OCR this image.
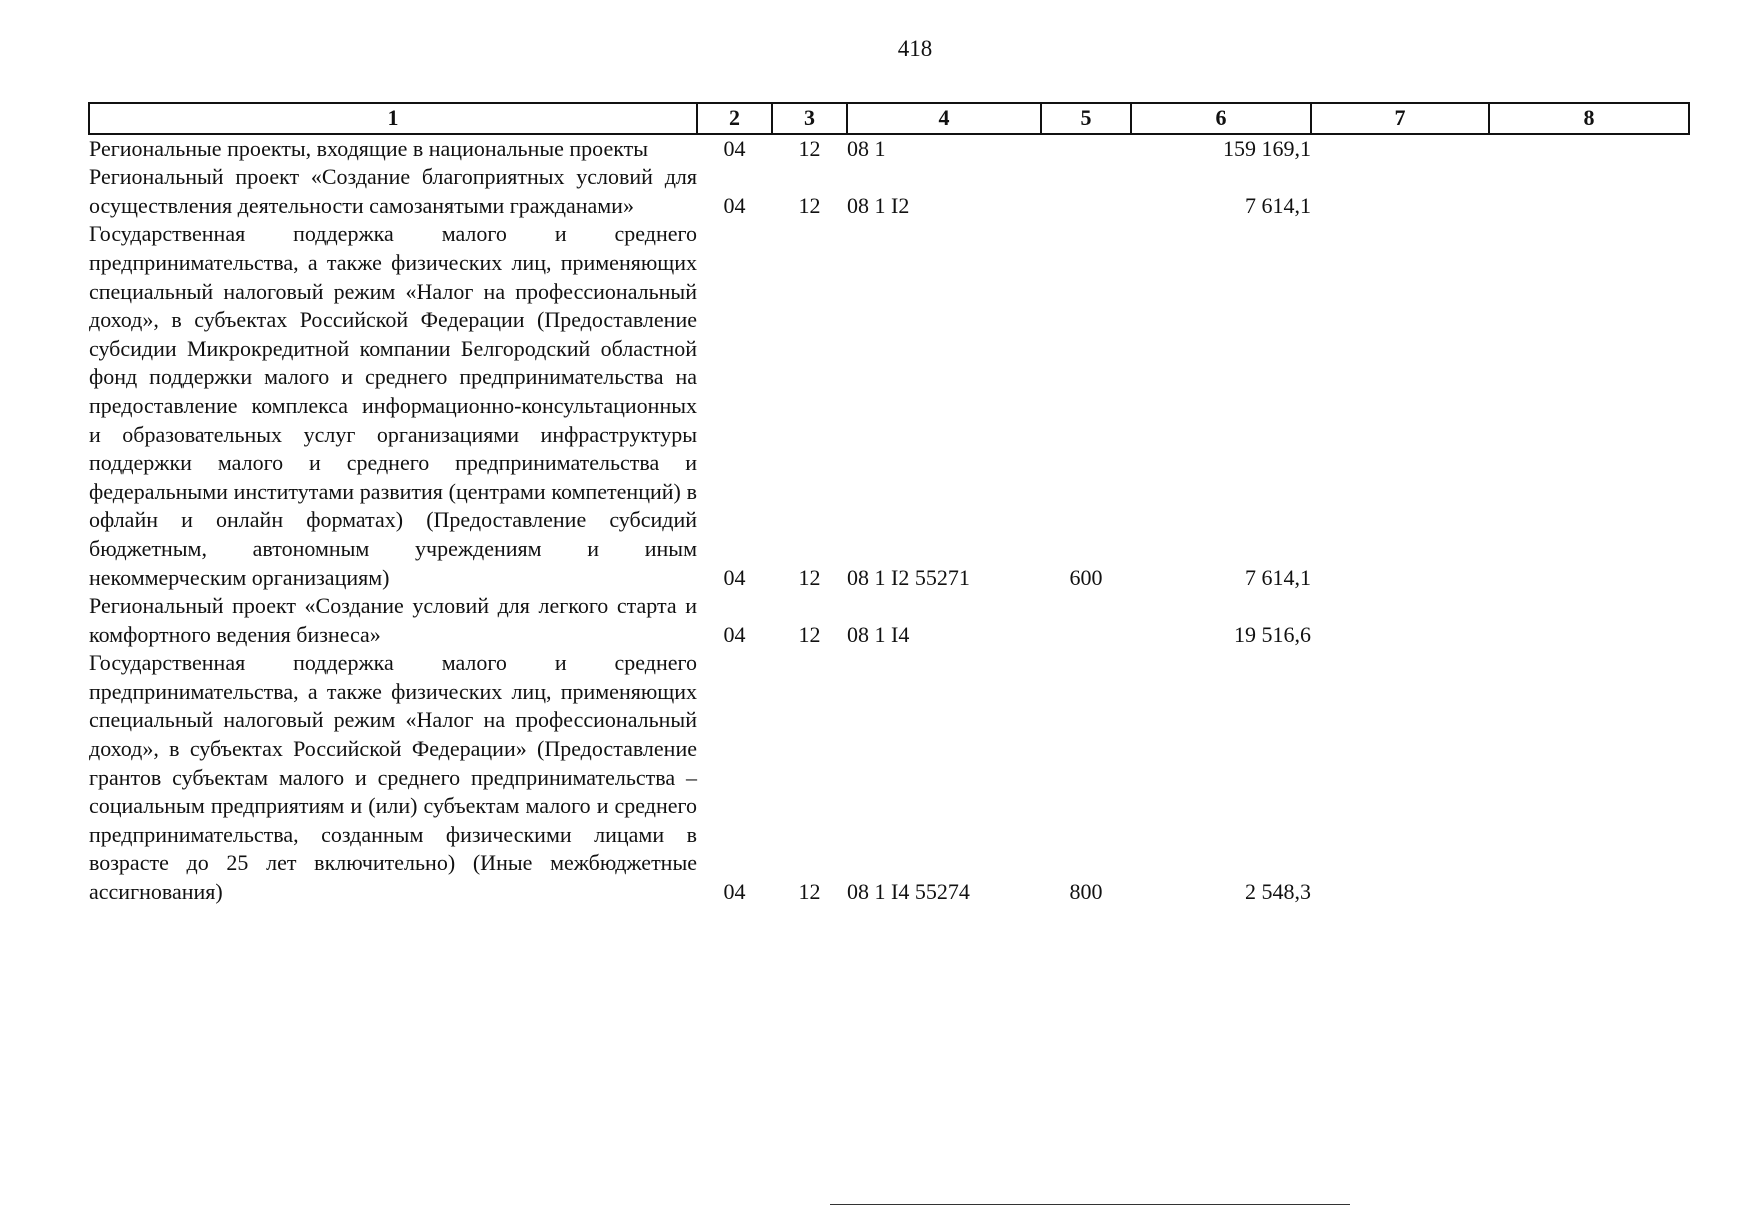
418
1	2	3	4	5	6	7	8
Региональные проекты, входящие в национальные проекты	04	12	08 1		159 169,1		
Региональный проект «Создание благоприятных условий для осуществления деятельности самозанятыми гражданами»	04	12	08 1 I2		7 614,1		
Государственная поддержка малого и среднего предпринимательства, а также физических лиц, применяющих специальный налоговый режим «Налог на профессиональный доход», в субъектах Российской Федерации (Предоставление субсидии Микрокредитной компании Белгородский областной фонд поддержки малого и среднего предпринимательства на предоставление комплекса информационно-консультационных и образовательных услуг организациями инфраструктуры поддержки малого и среднего предпринимательства и федеральными институтами развития (центрами компетенций) в офлайн и онлайн форматах) (Предоставление субсидий бюджетным, автономным учреждениям и иным некоммерческим организациям)	04	12	08 1 I2 55271	600	7 614,1		
Региональный проект «Создание условий для легкого старта и комфортного ведения бизнеса»	04	12	08 1 I4		19 516,6		
Государственная поддержка малого и среднего предпринимательства, а также физических лиц, применяющих специальный налоговый режим «Налог на профессиональный доход», в субъектах Российской Федерации» (Предоставление грантов субъектам малого и среднего предпринимательства – социальным предприятиям и (или) субъектам малого и среднего предпринимательства, созданным физическими лицами в возрасте до 25 лет включительно) (Иные межбюджетные ассигнования)	04	12	08 1 I4 55274	800	2 548,3		
